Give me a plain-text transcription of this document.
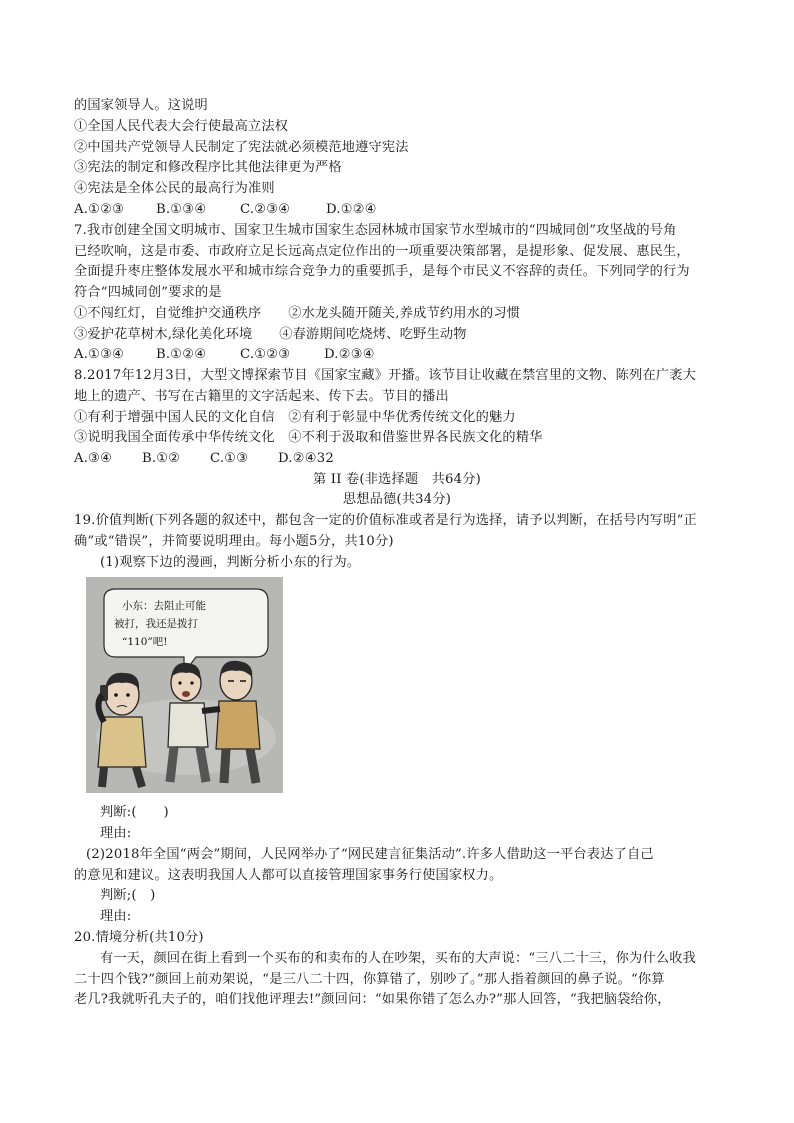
的国家领导人。这说明
①全国人民代表大会行使最高立法权
②中国共产党领导人民制定了宪法就必须模范地遵守宪法
③宪法的制定和修改程序比其他法律更为严格
④宪法是全体公民的最高行为准则
A.①②③ B.①③④	C.②③④	D.①②④
7.我市创建全国文明城市、国家卫生城市国家生态园林城市国家节水型城市的“四城同创”攻坚战的号角
已经吹响，这是市委、市政府立足长远高点定位作出的一项重要决策部署，是提形象、促发展、惠民生，
全面提升枣庄整体发展水平和城市综合竞争力的重要抓手，是每个市民义不容辞的责任。下列同学的行为
符合“四城同创”要求的是
①不闯红灯，自觉维护交通秩序　　②水龙头随开随关,养成节约用水的习惯
③爱护花草树木,绿化美化环境　　④春游期间吃烧烤、吃野生动物
A.①③④ B.①②④	C.①②③	D.②③④
8.2017年12月3日，大型文博探索节目《国家宝藏》开播。该节目让收藏在禁宫里的文物、陈列在广袤大
地上的遗产、书写在古籍里的文字活起来、传下去。节目的播出
①有利于增强中国人民的文化自信　②有利于彰显中华优秀传统文化的魅力
③说明我国全面传承中华传统文化　④不利于汲取和借鉴世界各民族文化的精华
A.③④ B.①② C.①③ D.②④32
第 II 卷(非选择题　共64分)
思想品德(共34分)
19.价值判断(下列各题的叙述中，都包含一定的价值标准或者是行为选择，请予以判断，在括号内写明“正
确”或“错误”，并简要说明理由。每小题5分，共10分)
(1)观察下边的漫画，判断分析小东的行为。
小东：去阻止可能
被打，我还是拨打
“110”吧!
判断:(　　)
理由:
(2)2018年全国“两会”期间，人民网举办了“网民建言征集活动”.许多人借助这一平台表达了自己
的意见和建议。这表明我国人人都可以直接管理国家事务行使国家权力。
判断;(　)
理由:
20.情境分析(共10分)
有一天，颜回在街上看到一个买布的和卖布的人在吵架，买布的大声说：“三八二十三，你为什么收我
二十四个钱?”颜回上前劝架说，“是三八二十四，你算错了，别吵了。”那人指着颜回的鼻子说。“你算
老几?我就听孔夫子的，咱们找他评理去!”颜回问：“如果你错了怎么办?”那人回答，“我把脑袋给你，
